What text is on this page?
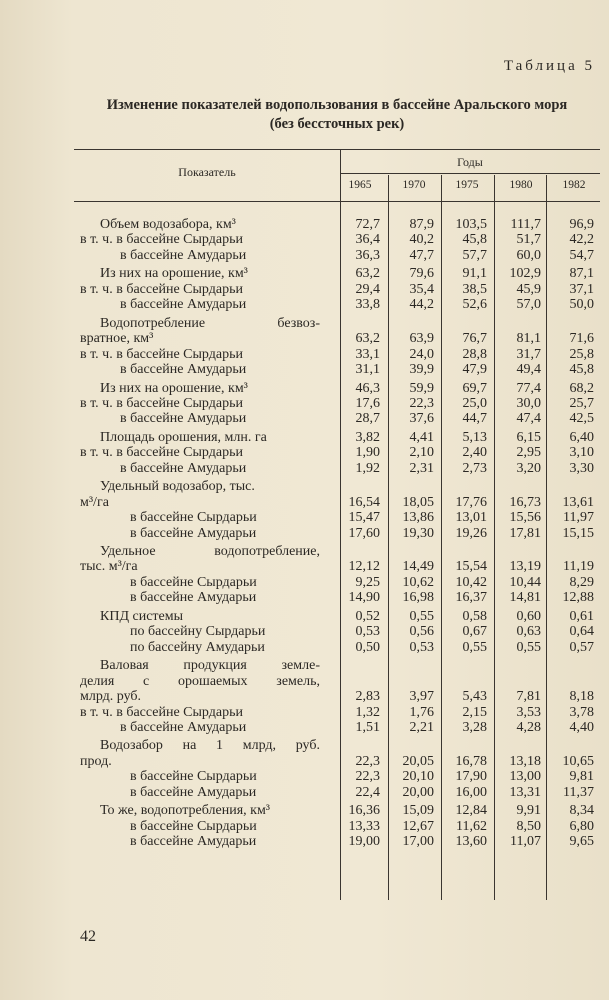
Таблица 5
Изменение показателей водопользования в бассейне Аральского моря
(без бессточных рек)
Показатель
Годы
1965	1970	1975	1980	1982
Объем водозабора, км³	72,7	87,9	103,5	111,7	96,9
в т. ч. в бассейне Сырдарьи	36,4	40,2	45,8	51,7	42,2
в бассейне Амударьи	36,3	47,7	57,7	60,0	54,7
Из них на орошение, км³	63,2	79,6	91,1	102,9	87,1
в т. ч. в бассейне Сырдарьи	29,4	35,4	38,5	45,9	37,1
в бассейне Амударьи	33,8	44,2	52,6	57,0	50,0
Водопотребление безвоз-
вратное, км³	63,2	63,9	76,7	81,1	71,6
в т. ч. в бассейне Сырдарьи	33,1	24,0	28,8	31,7	25,8
в бассейне Амударьи	31,1	39,9	47,9	49,4	45,8
Из них на орошение, км³	46,3	59,9	69,7	77,4	68,2
в т. ч. в бассейне Сырдарьи	17,6	22,3	25,0	30,0	25,7
в бассейне Амударьи	28,7	37,6	44,7	47,4	42,5
Площадь орошения, млн. га	3,82	4,41	5,13	6,15	6,40
в т. ч. в бассейне Сырдарьи	1,90	2,10	2,40	2,95	3,10
в бассейне Амударьи	1,92	2,31	2,73	3,20	3,30
Удельный водозабор, тыс.
м³/га	16,54	18,05	17,76	16,73	13,61
в бассейне Сырдарьи	15,47	13,86	13,01	15,56	11,97
в бассейне Амударьи	17,60	19,30	19,26	17,81	15,15
Удельное водопотребление,
тыс. м³/га	12,12	14,49	15,54	13,19	11,19
в бассейне Сырдарьи	9,25	10,62	10,42	10,44	8,29
в бассейне Амударьи	14,90	16,98	16,37	14,81	12,88
КПД системы	0,52	0,55	0,58	0,60	0,61
по бассейну Сырдарьи	0,53	0,56	0,67	0,63	0,64
по бассейну Амударьи	0,50	0,53	0,55	0,55	0,57
Валовая продукция земле-
делия с орошаемых земель,
млрд. руб.	2,83	3,97	5,43	7,81	8,18
в т. ч. в бассейне Сырдарьи	1,32	1,76	2,15	3,53	3,78
в бассейне Амударьи	1,51	2,21	3,28	4,28	4,40
Водозабор на 1 млрд, руб.
прод.	22,3	20,05	16,78	13,18	10,65
в бассейне Сырдарьи	22,3	20,10	17,90	13,00	9,81
в бассейне Амударьи	22,4	20,00	16,00	13,31	11,37
То же, водопотребления, км³	16,36	15,09	12,84	9,91	8,34
в бассейне Сырдарьи	13,33	12,67	11,62	8,50	6,80
в бассейне Амударьи	19,00	17,00	13,60	11,07	9,65
42
